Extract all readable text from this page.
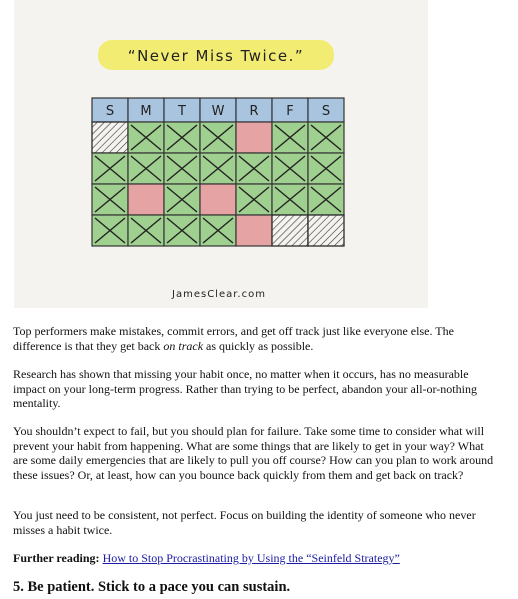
“Never Miss Twice.”
S M T W R F S
JamesClear.com
Top performers make mistakes, commit errors, and get off track just like everyone else. The difference is that they get back on track as quickly as possible.
Research has shown that missing your habit once, no matter when it occurs, has no measurable impact on your long-term progress. Rather than trying to be perfect, abandon your all-or-nothing mentality.
You shouldn’t expect to fail, but you should plan for failure. Take some time to consider what will prevent your habit from happening. What are some things that are likely to get in your way? What are some daily emergencies that are likely to pull you off course? How can you plan to work around these issues? Or, at least, how can you bounce back quickly from them and get back on track?
You just need to be consistent, not perfect. Focus on building the identity of someone who never misses a habit twice.
Further reading: How to Stop Procrastinating by Using the “Seinfeld Strategy”
5. Be patient. Stick to a pace you can sustain.
